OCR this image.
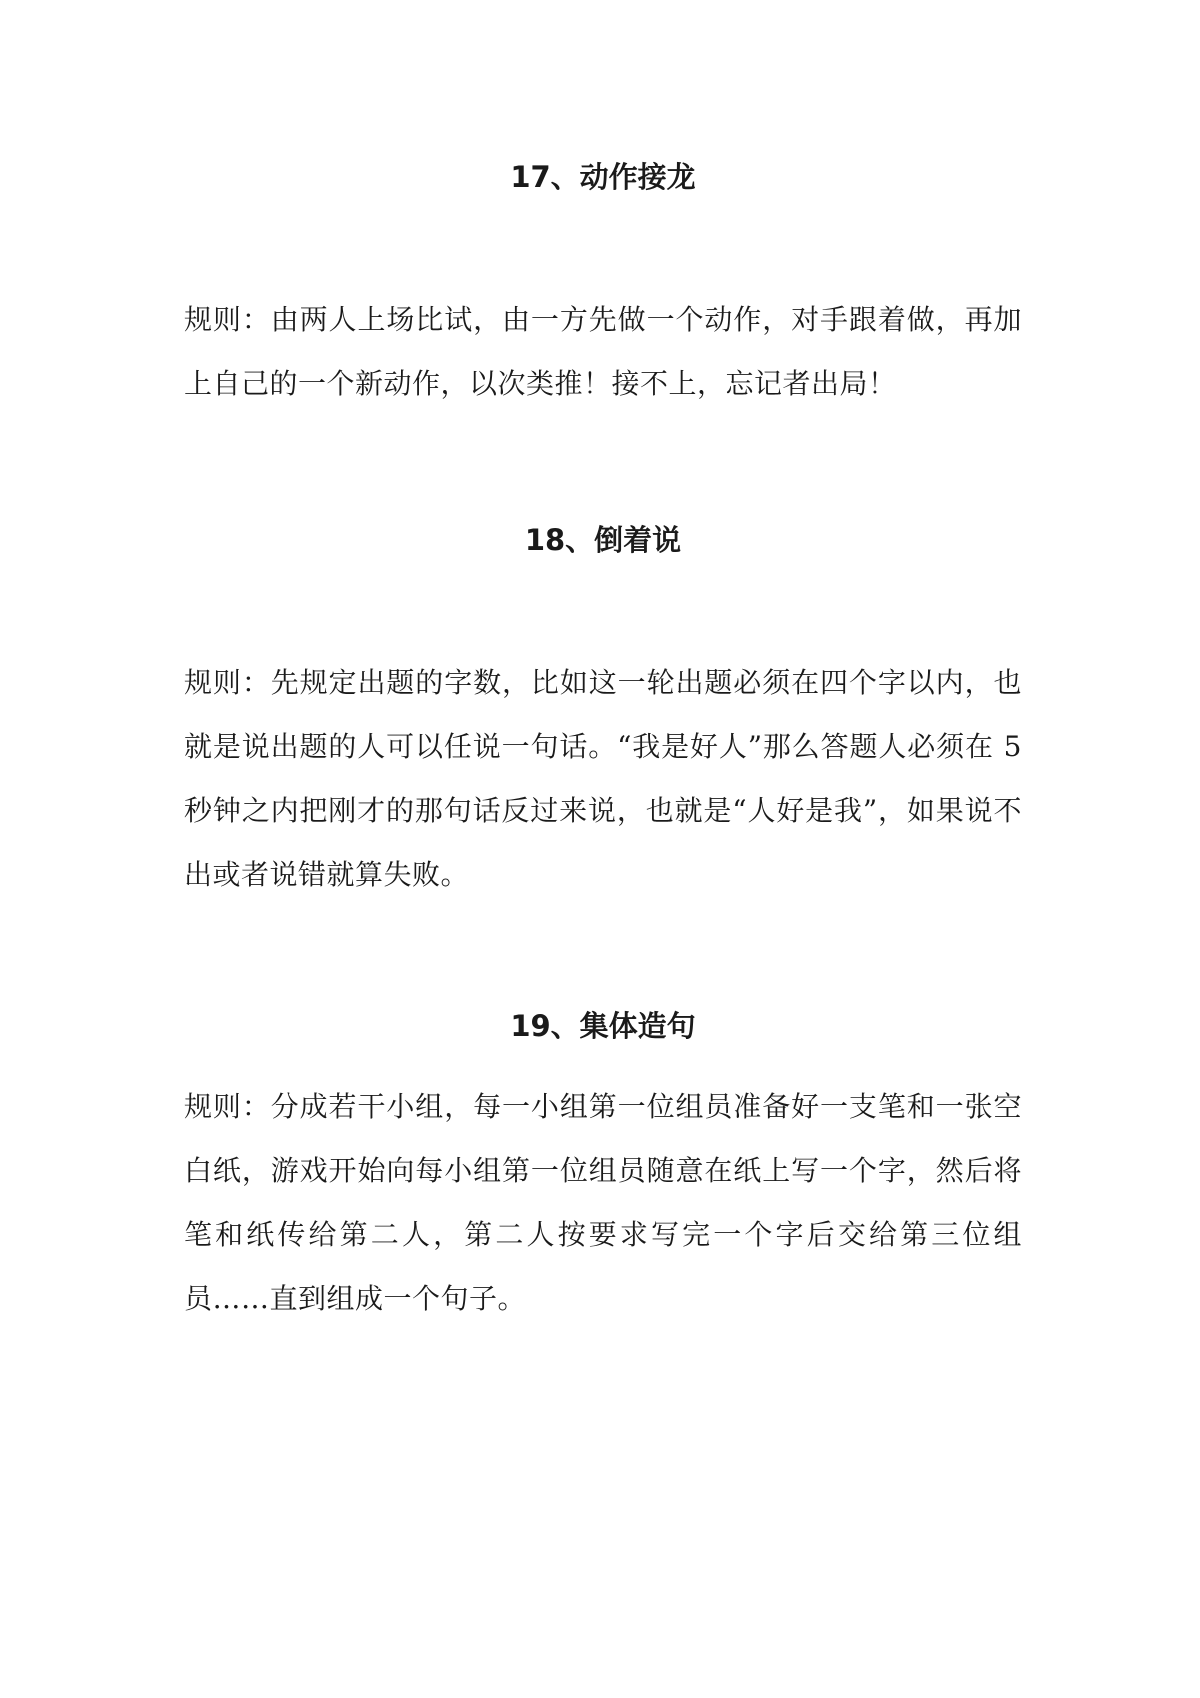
17、动作接龙

规则：由两人上场比试，由一方先做一个动作，对手跟着做，再加上自己的一个新动作，以次类推！接不上，忘记者出局！

18、倒着说

规则：先规定出题的字数，比如这一轮出题必须在四个字以内，也就是说出题的人可以任说一句话。“我是好人”那么答题人必须在 5 秒钟之内把刚才的那句话反过来说，也就是“人好是我”，如果说不出或者说错就算失败。

19、集体造句

规则：分成若干小组，每一小组第一位组员准备好一支笔和一张空白纸，游戏开始向每小组第一位组员随意在纸上写一个字，然后将笔和纸传给第二人，第二人按要求写完一个字后交给第三位组员……直到组成一个句子。
